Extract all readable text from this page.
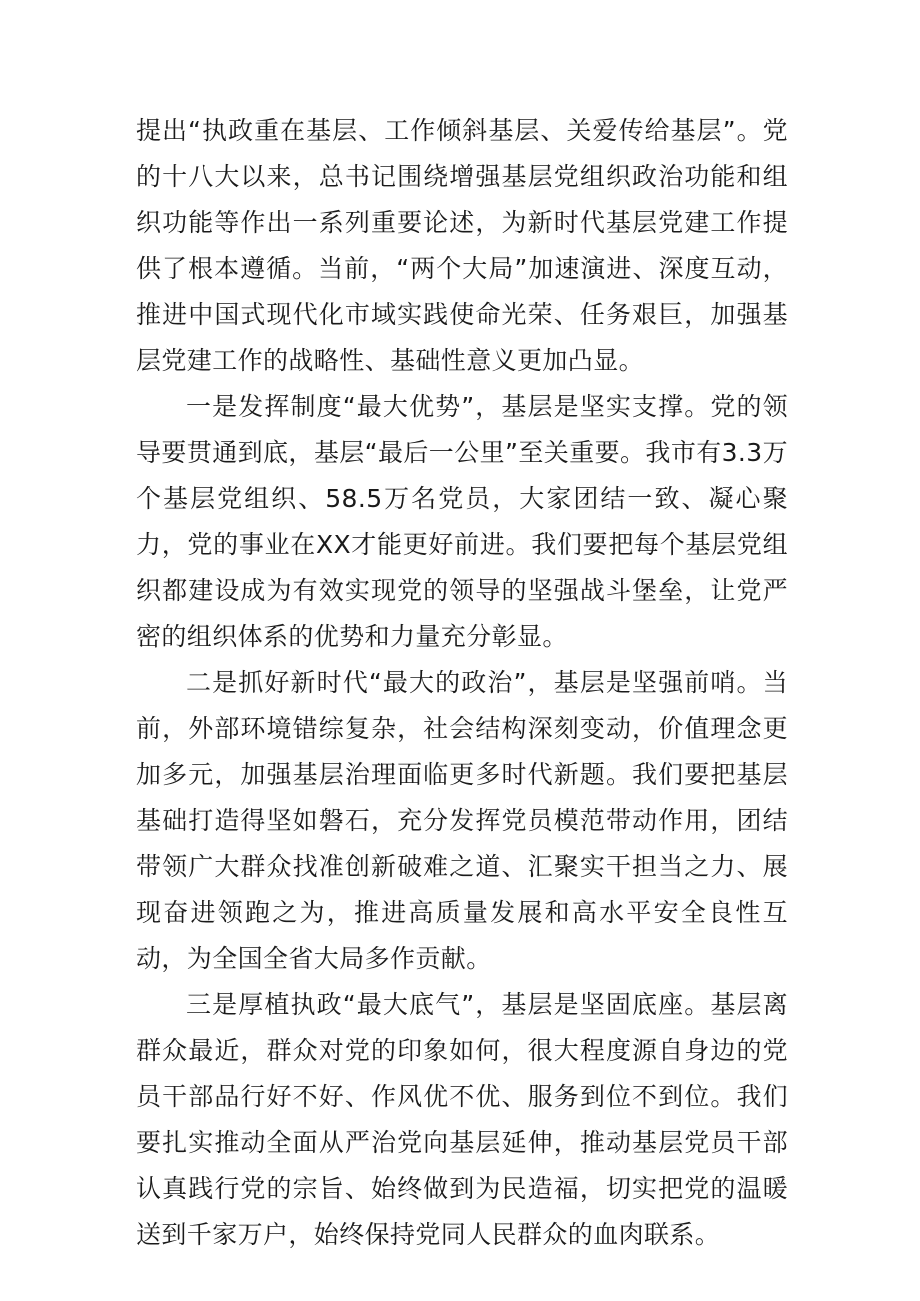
提出“执政重在基层、工作倾斜基层、关爱传给基层”。党的十八大以来，总书记围绕增强基层党组织政治功能和组织功能等作出一系列重要论述，为新时代基层党建工作提供了根本遵循。当前，“两个大局”加速演进、深度互动，推进中国式现代化市域实践使命光荣、任务艰巨，加强基层党建工作的战略性、基础性意义更加凸显。

一是发挥制度“最大优势”，基层是坚实支撑。党的领导要贯通到底，基层“最后一公里”至关重要。我市有3.3万个基层党组织、58.5万名党员，大家团结一致、凝心聚力，党的事业在XX才能更好前进。我们要把每个基层党组织都建设成为有效实现党的领导的坚强战斗堡垒，让党严密的组织体系的优势和力量充分彰显。

二是抓好新时代“最大的政治”，基层是坚强前哨。当前，外部环境错综复杂，社会结构深刻变动，价值理念更加多元，加强基层治理面临更多时代新题。我们要把基层基础打造得坚如磐石，充分发挥党员模范带动作用，团结带领广大群众找准创新破难之道、汇聚实干担当之力、展现奋进领跑之为，推进高质量发展和高水平安全良性互动，为全国全省大局多作贡献。

三是厚植执政“最大底气”，基层是坚固底座。基层离群众最近，群众对党的印象如何，很大程度源自身边的党员干部品行好不好、作风优不优、服务到位不到位。我们要扎实推动全面从严治党向基层延伸，推动基层党员干部认真践行党的宗旨、始终做到为民造福，切实把党的温暖送到千家万户，始终保持党同人民群众的血肉联系。
